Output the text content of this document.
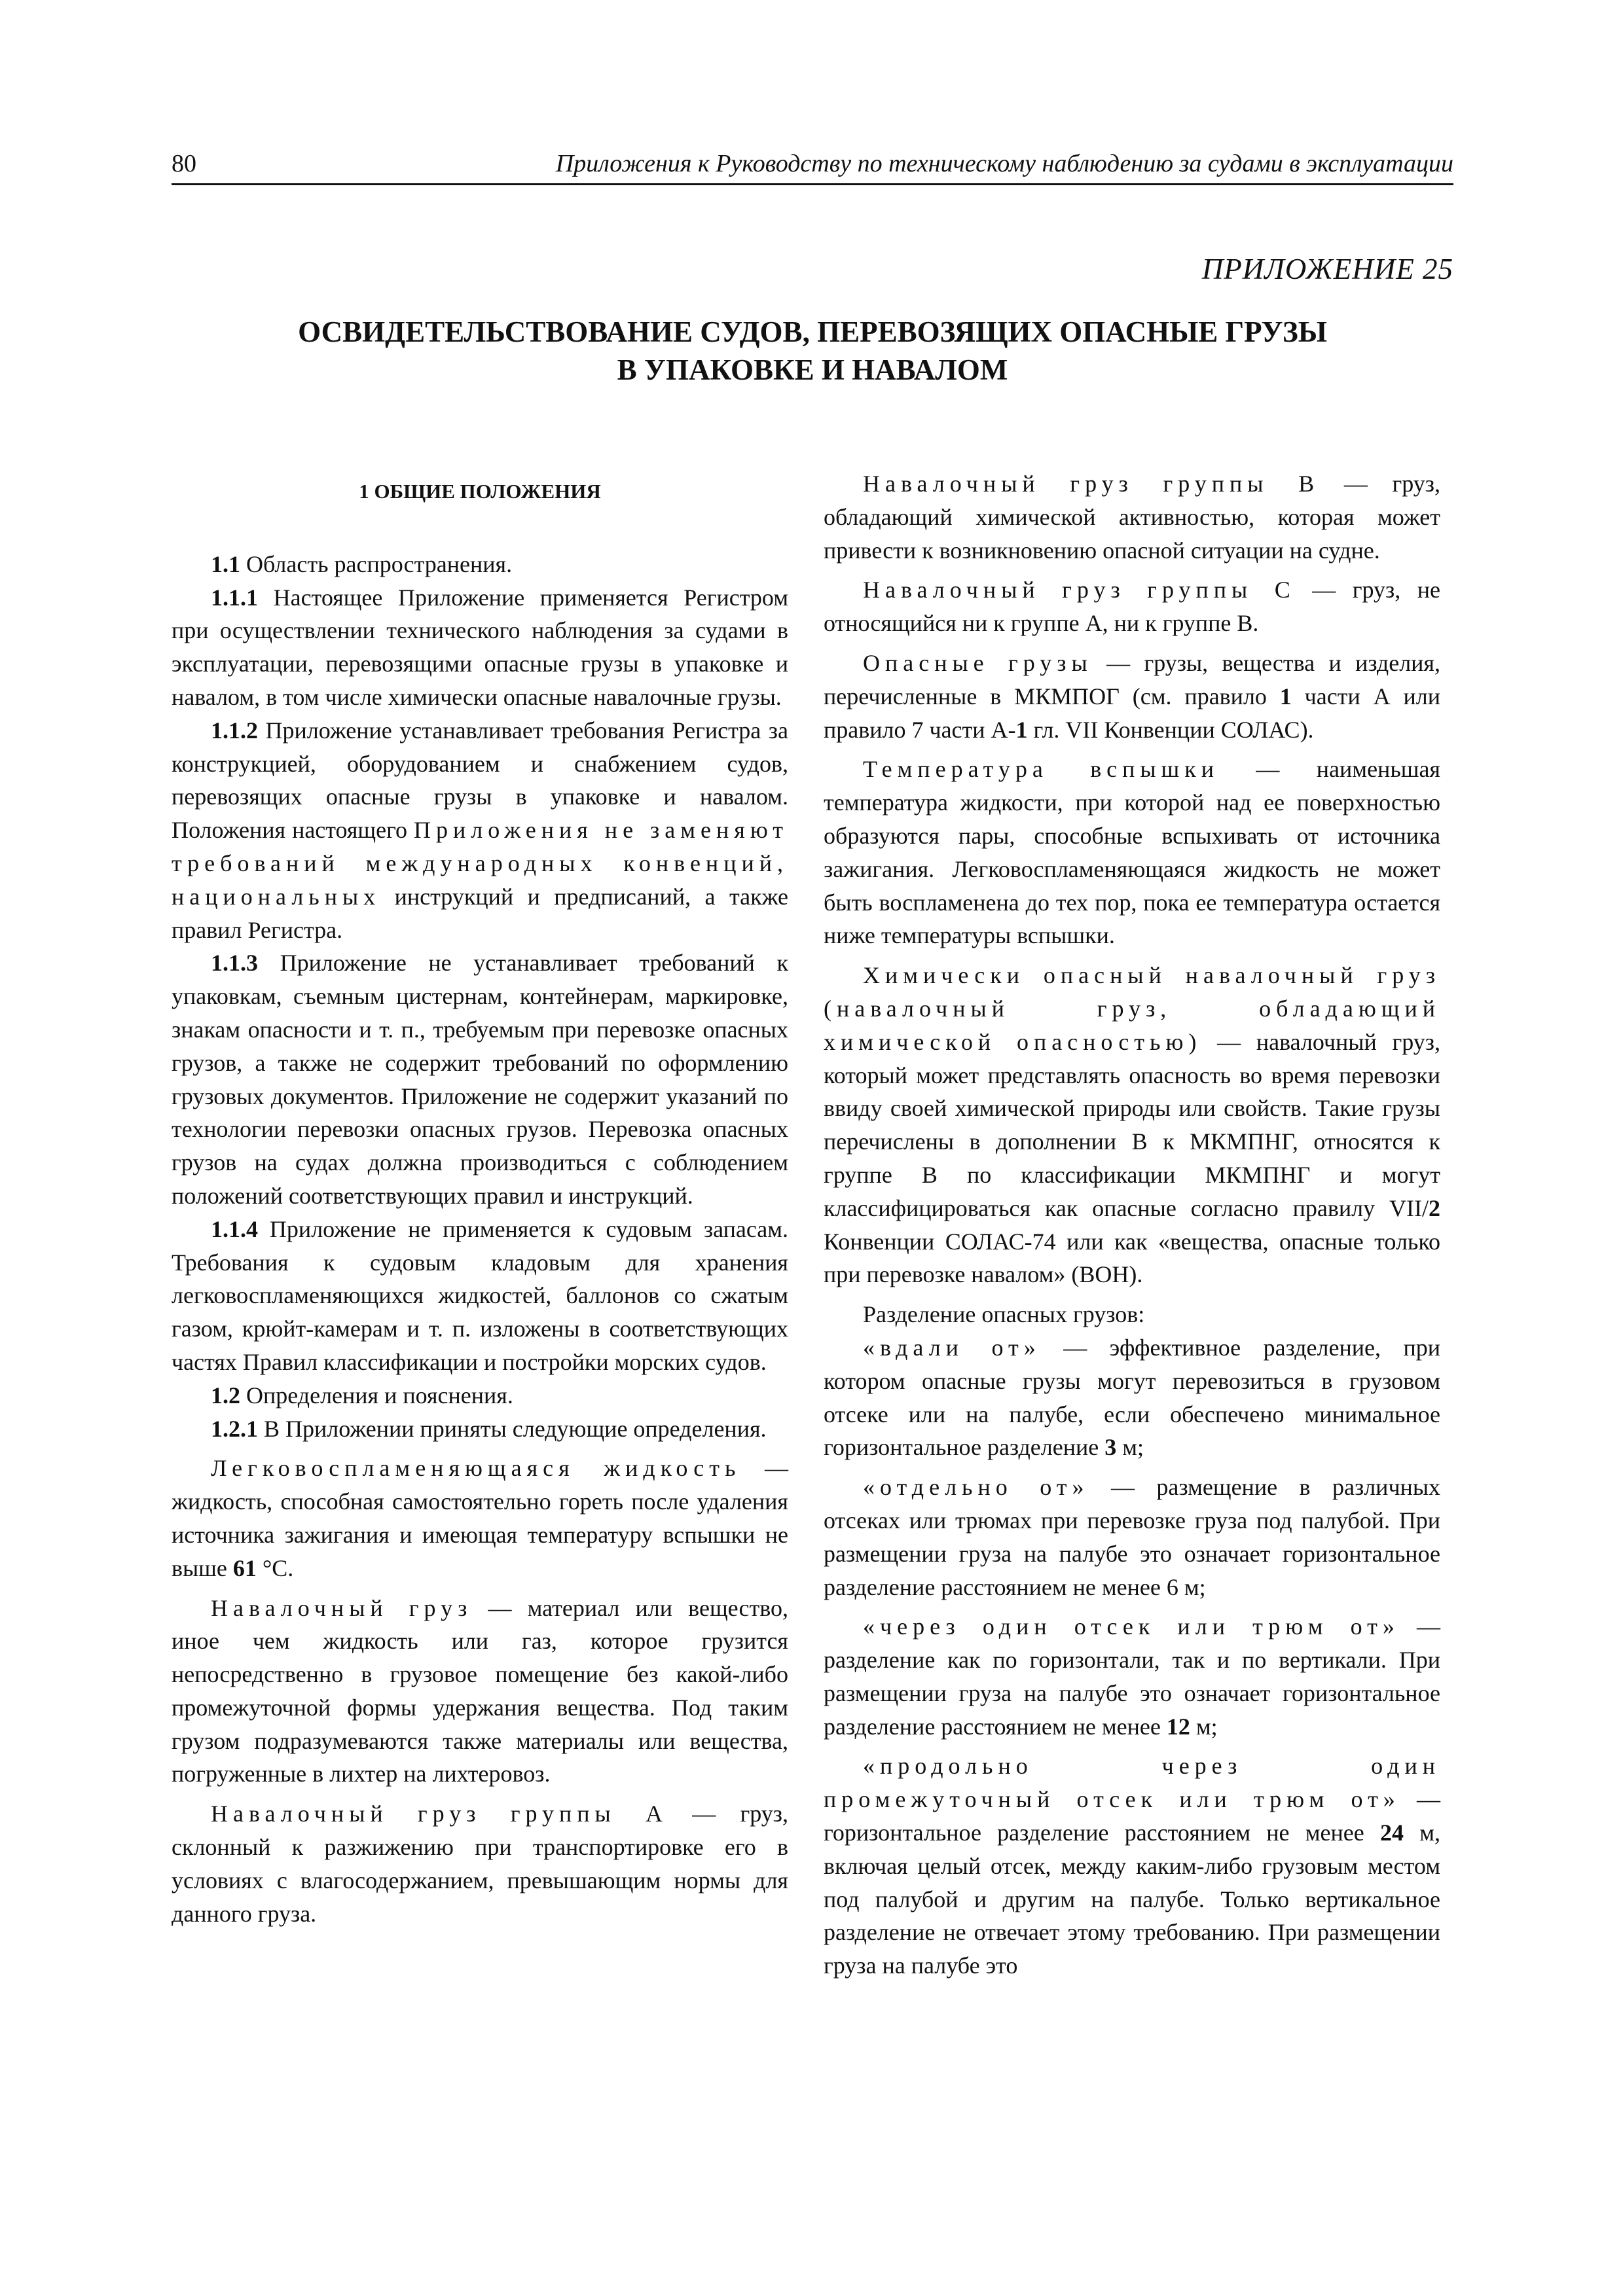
80	Приложения к Руководству по техническому наблюдению за судами в эксплуатации
ПРИЛОЖЕНИЕ 25
ОСВИДЕТЕЛЬСТВОВАНИЕ СУДОВ, ПЕРЕВОЗЯЩИХ ОПАСНЫЕ ГРУЗЫ
В УПАКОВКЕ И НАВАЛОМ

1 ОБЩИЕ ПОЛОЖЕНИЯ

1.1 Область распространения.

1.1.1 Настоящее Приложение применяется Регистром при осуществлении технического наблюдения за судами в эксплуатации, перевозящими опасные грузы в упаковке и навалом, в том числе химически опасные навалочные грузы.

1.1.2 Приложение устанавливает требования Регистра за конструкцией, оборудованием и снабжением судов, перевозящих опасные грузы в упаковке и навалом. Положения настоящего Приложения не заменяют требований международных конвенций, национальных инструкций и предписаний, а также правил Регистра.

1.1.3 Приложение не устанавливает требований к упаковкам, съемным цистернам, контейнерам, маркировке, знакам опасности и т. п., требуемым при перевозке опасных грузов, а также не содержит требований по оформлению грузовых документов. Приложение не содержит указаний по технологии перевозки опасных грузов. Перевозка опасных грузов на судах должна производиться с соблюдением положений соответствующих правил и инструкций.

1.1.4 Приложение не применяется к судовым запасам. Требования к судовым кладовым для хранения легковоспламеняющихся жидкостей, баллонов со сжатым газом, крюйт-камерам и т. п. изложены в соответствующих частях Правил классификации и постройки морских судов.

1.2 Определения и пояснения.

1.2.1 В Приложении приняты следующие определения.

Легковоспламеняющаяся жидкость — жидкость, способная самостоятельно гореть после удаления источника зажигания и имеющая температуру вспышки не выше 61 °С.

Навалочный груз — материал или вещество, иное чем жидкость или газ, которое грузится непосредственно в грузовое помещение без какой-либо промежуточной формы удержания вещества. Под таким грузом подразумеваются также материалы или вещества, погруженные в лихтер на лихтеровоз.

Навалочный груз группы А — груз, склонный к разжижению при транспортировке его в условиях с влагосодержанием, превышающим нормы для данного груза.

Навалочный груз группы В — груз, обладающий химической активностью, которая может привести к возникновению опасной ситуации на судне.

Навалочный груз группы С — груз, не относящийся ни к группе А, ни к группе В.

Опасные грузы — грузы, вещества и изделия, перечисленные в МКМПОГ (см. правило 1 части А или правило 7 части А-1 гл. VII Конвенции СОЛАС).

Температура вспышки — наименьшая температура жидкости, при которой над ее поверхностью образуются пары, способные вспыхивать от источника зажигания. Легковоспламеняющаяся жидкость не может быть воспламенена до тех пор, пока ее температура остается ниже температуры вспышки.

Химически опасный навалочный груз (навалочный груз, обладающий химической опасностью) — навалочный груз, который может представлять опасность во время перевозки ввиду своей химической природы или свойств. Такие грузы перечислены в дополнении В к МКМПНГ, относятся к группе В по классификации МКМПНГ и могут классифицироваться как опасные согласно правилу VII/2 Конвенции СОЛАС-74 или как «вещества, опасные только при перевозке навалом» (ВОН).

Разделение опасных грузов:

«вдали от» — эффективное разделение, при котором опасные грузы могут перевозиться в грузовом отсеке или на палубе, если обеспечено минимальное горизонтальное разделение 3 м;

«отдельно от» — размещение в различных отсеках или трюмах при перевозке груза под палубой. При размещении груза на палубе это означает горизонтальное разделение расстоянием не менее 6 м;

«через один отсек или трюм от» — разделение как по горизонтали, так и по вертикали. При размещении груза на палубе это означает горизонтальное разделение расстоянием не менее 12 м;

«продольно через один промежуточный отсек или трюм от» — горизонтальное разделение расстоянием не менее 24 м, включая целый отсек, между каким-либо грузовым местом под палубой и другим на палубе. Только вертикальное разделение не отвечает этому требованию. При размещении груза на палубе это
